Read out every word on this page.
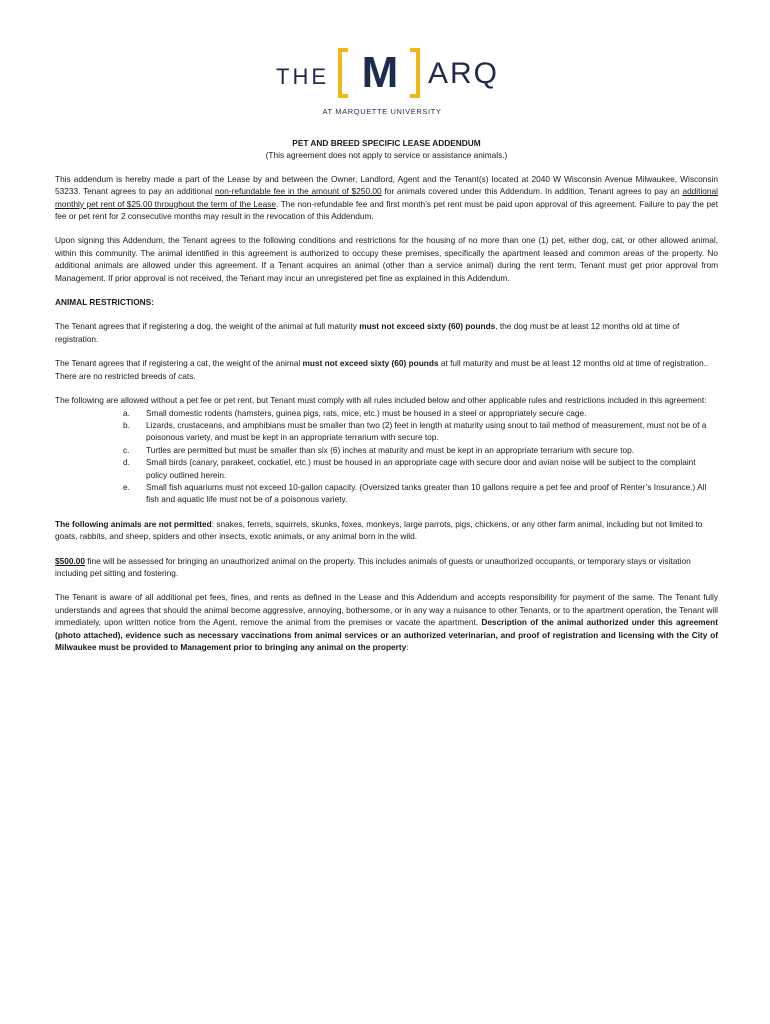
THE M ARQ
AT MARQUETTE UNIVERSITY
PET AND BREED SPECIFIC LEASE ADDENDUM
(This agreement does not apply to service or assistance animals.)

This addendum is hereby made a part of the Lease by and between the Owner, Landlord, Agent and the Tenant(s) located at 2040 W Wisconsin Avenue Milwaukee, Wisconsin 53233. Tenant agrees to pay an additional non-refundable fee in the amount of $250.00 for animals covered under this Addendum. In addition, Tenant agrees to pay an additional monthly pet rent of $25.00 throughout the term of the Lease. The non-refundable fee and first month’s pet rent must be paid upon approval of this agreement. Failure to pay the pet fee or pet rent for 2 consecutive months may result in the revocation of this Addendum.

Upon signing this Addendum, the Tenant agrees to the following conditions and restrictions for the housing of no more than one (1) pet, either dog, cat, or other allowed animal, within this community. The animal identified in this agreement is authorized to occupy these premises, specifically the apartment leased and common areas of the property. No additional animals are allowed under this agreement. If a Tenant acquires an animal (other than a service animal) during the rent term, Tenant must get prior approval from Management. If prior approval is not received, the Tenant may incur an unregistered pet fine as explained in this Addendum.

ANIMAL RESTRICTIONS:

The Tenant agrees that if registering a dog, the weight of the animal at full maturity must not exceed sixty (60) pounds, the dog must be at least 12 months old at time of registration.

The Tenant agrees that if registering a cat, the weight of the animal must not exceed sixty (60) pounds at full maturity and must be at least 12 months old at time of registration.. There are no restricted breeds of cats.

The following are allowed without a pet fee or pet rent, but Tenant must comply with all rules included below and other applicable rules and restrictions included in this agreement:

a. Small domestic rodents (hamsters, guinea pigs, rats, mice, etc.) must be housed in a steel or appropriately secure cage.
b. Lizards, crustaceans, and amphibians must be smaller than two (2) feet in length at maturity using snout to tail method of measurement, must not be of a poisonous variety, and must be kept in an appropriate terrarium with secure top.
c. Turtles are permitted but must be smaller than six (6) inches at maturity and must be kept in an appropriate terrarium with secure top.
d. Small birds (canary, parakeet, cockatiel, etc.) must be housed in an appropriate cage with secure door and avian noise will be subject to the complaint policy outlined herein.
e. Small fish aquariums must not exceed 10-gallon capacity. (Oversized tanks greater than 10 gallons require a pet fee and proof of Renter’s Insurance.) All fish and aquatic life must not be of a poisonous variety.

The following animals are not permitted: snakes, ferrets, squirrels, skunks, foxes, monkeys, large parrots, pigs, chickens, or any other farm animal, including but not limited to goats, rabbits, and sheep, spiders and other insects, exotic animals, or any animal born in the wild.

$500.00 fine will be assessed for bringing an unauthorized animal on the property. This includes animals of guests or unauthorized occupants, or temporary stays or visitation including pet sitting and fostering.

The Tenant is aware of all additional pet fees, fines, and rents as defined in the Lease and this Addendum and accepts responsibility for payment of the same. The Tenant fully understands and agrees that should the animal become aggressive, annoying, bothersome, or in any way a nuisance to other Tenants, or to the apartment operation, the Tenant will immediately, upon written notice from the Agent, remove the animal from the premises or vacate the apartment. Description of the animal authorized under this agreement (photo attached), evidence such as necessary vaccinations from animal services or an authorized veterinarian, and proof of registration and licensing with the City of Milwaukee must be provided to Management prior to bringing any animal on the property:
